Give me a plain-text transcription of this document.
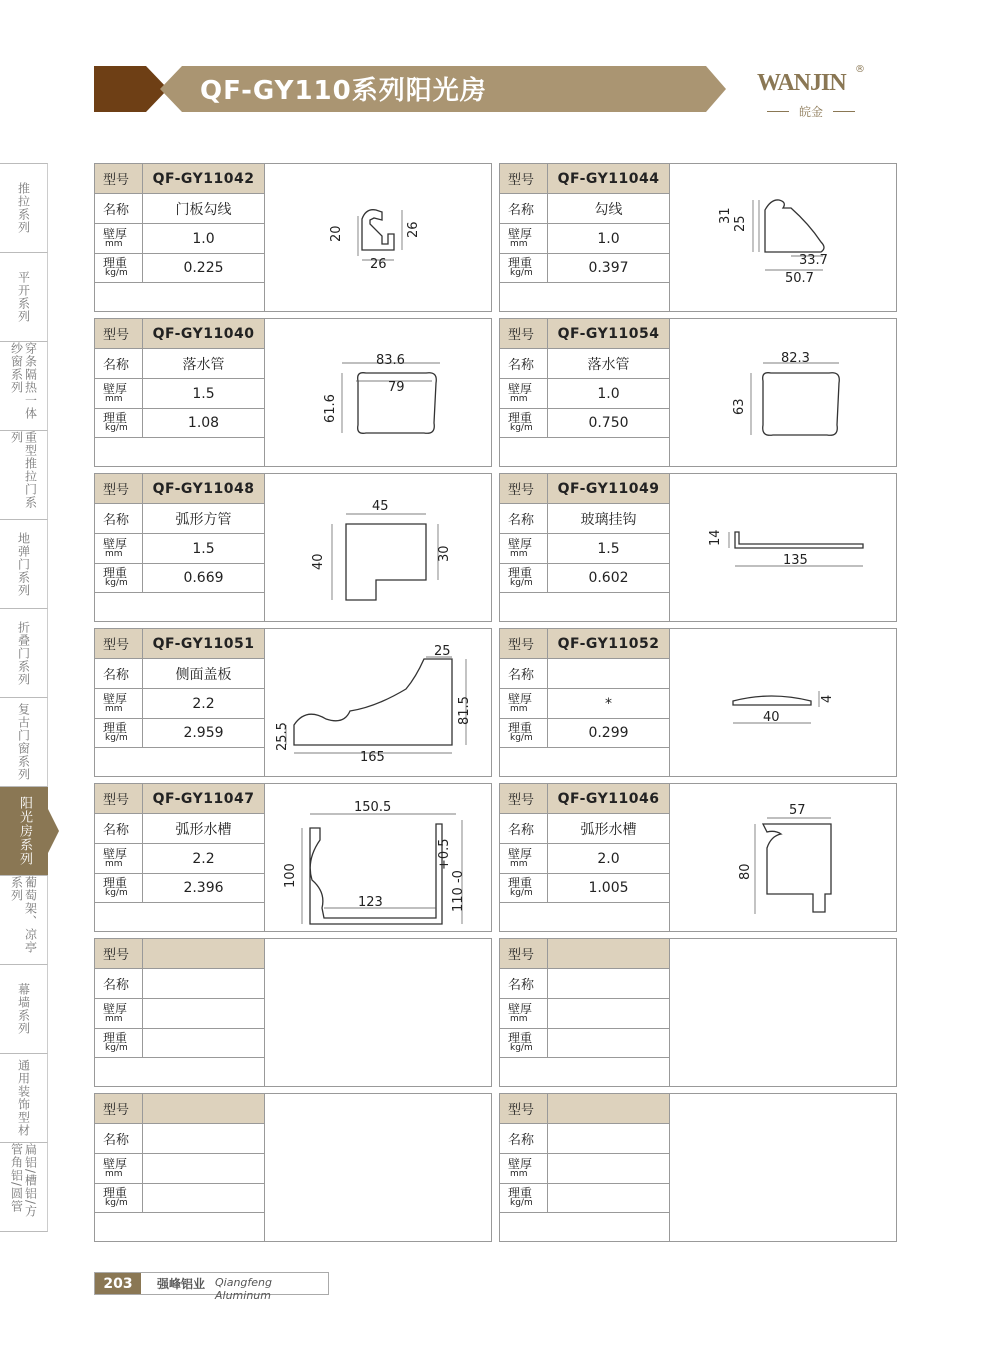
QF-GY110系列阳光房	WANJIN
®
皖金
推拉系列
平开系列
穿条隔热一体纱窗系列
重型推拉门系列
地弹门系列
折叠门系列
复古门窗系列
阳光房系列
葡萄架、凉亭系列
幕墙系列
通用装饰型材
扁铝/槽铝/方管角铝/圆管
型号	QF-GY11042
名称	门板勾线
壁厚
mm	1.0
理重
kg/m	0.225
20
26
26
型号	QF-GY11044
名称	勾线
壁厚
mm	1.0
理重
kg/m	0.397
31 25
33.7
50.7
型号	QF-GY11040
名称	落水管
壁厚
mm	1.5
理重
kg/m	1.08
83.6
79
61.6
型号	QF-GY11054
名称	落水管
壁厚
mm	1.0
理重
kg/m	0.750
82.3
63
型号	QF-GY11048
名称	弧形方管
壁厚
mm	1.5
理重
kg/m	0.669
45
40	30
型号	QF-GY11049
名称	玻璃挂钩
壁厚
mm	1.5
理重
kg/m	0.602
14
135
型号	QF-GY11051
名称	侧面盖板
壁厚
mm	2.2
理重
kg/m	2.959
25
81.5
25.5
165
型号	QF-GY11052
名称
壁厚
mm	*
理重
kg/m	0.299
4
40
型号	QF-GY11047
名称	弧形水槽
壁厚
mm	2.2
理重
kg/m	2.396
150.5
100
+0.5
110 -0
123
型号	QF-GY11046
名称	弧形水槽
壁厚
mm	2.0
理重
kg/m	1.005
57
80
型号
名称
壁厚
mm
理重
kg/m
型号
名称
壁厚
mm
理重
kg/m
型号
名称
壁厚
mm
理重
kg/m
型号
名称
壁厚
mm
理重
kg/m
203	强峰铝业 Qiangfeng Aluminum
